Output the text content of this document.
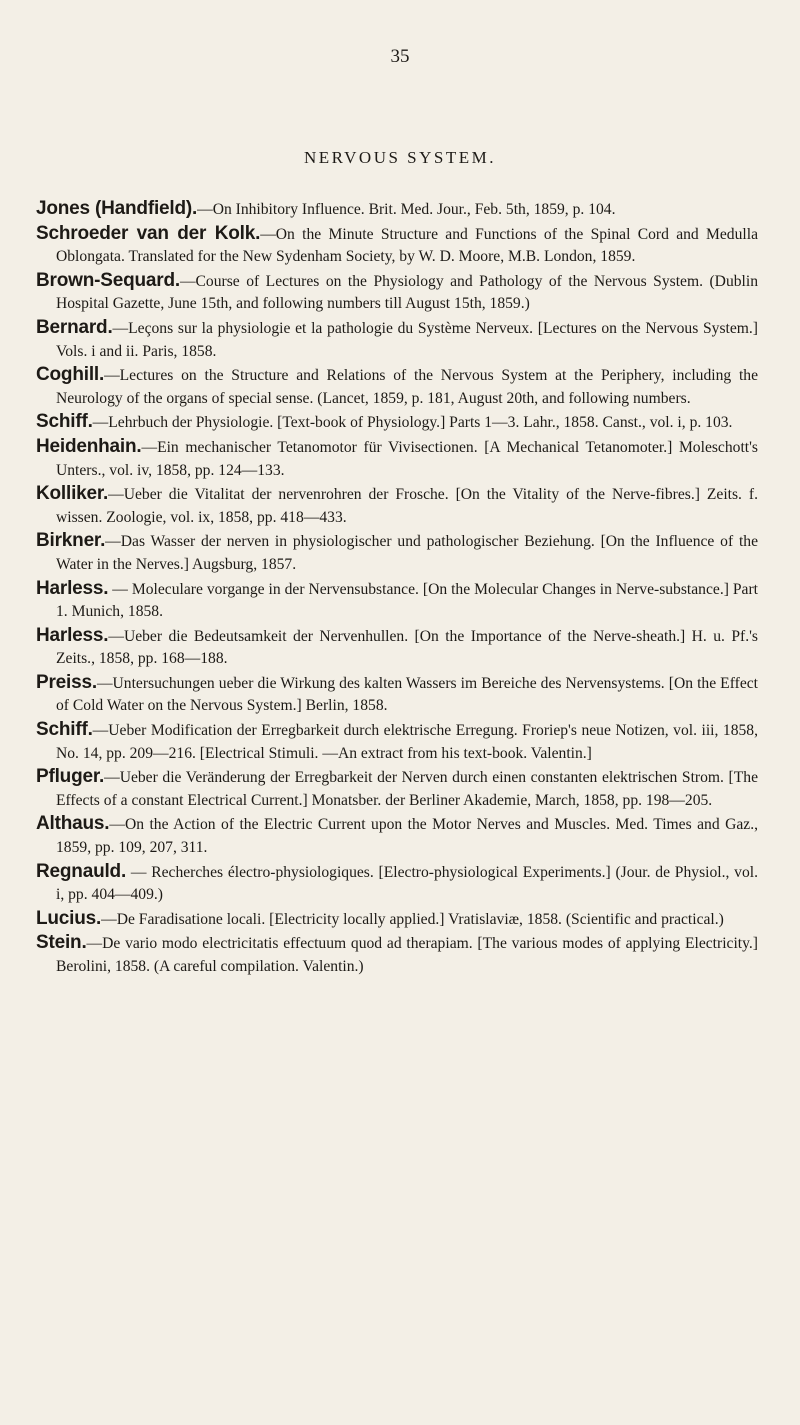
35
NERVOUS SYSTEM.

Jones (Handfield).—On Inhibitory Influence. Brit. Med. Jour., Feb. 5th, 1859, p. 104.

Schroeder van der Kolk.—On the Minute Structure and Functions of the Spinal Cord and Medulla Oblongata. Translated for the New Sydenham Society, by W. D. Moore, M.B. London, 1859.

Brown-Sequard.—Course of Lectures on the Physiology and Pathology of the Nervous System. (Dublin Hospital Gazette, June 15th, and following numbers till August 15th, 1859.)

Bernard.—Leçons sur la physiologie et la pathologie du Système Nerveux. [Lectures on the Nervous System.] Vols. i and ii. Paris, 1858.

Coghill.—Lectures on the Structure and Relations of the Nervous System at the Periphery, including the Neurology of the organs of special sense. (Lancet, 1859, p. 181, August 20th, and following numbers.

Schiff.—Lehrbuch der Physiologie. [Text-book of Physiology.] Parts 1—3. Lahr., 1858. Canst., vol. i, p. 103.

Heidenhain.—Ein mechanischer Tetanomotor für Vivisectionen. [A Mechanical Tetanomoter.] Moleschott's Unters., vol. iv, 1858, pp. 124—133.

Kolliker.—Ueber die Vitalitat der nervenrohren der Frosche. [On the Vitality of the Nerve-fibres.] Zeits. f. wissen. Zoologie, vol. ix, 1858, pp. 418—433.

Birkner.—Das Wasser der nerven in physiologischer und pathologischer Beziehung. [On the Influence of the Water in the Nerves.] Augsburg, 1857.

Harless. — Moleculare vorgange in der Nervensubstance. [On the Molecular Changes in Nerve-substance.] Part 1. Munich, 1858.

Harless.—Ueber die Bedeutsamkeit der Nervenhullen. [On the Importance of the Nerve-sheath.] H. u. Pf.'s Zeits., 1858, pp. 168—188.

Preiss.—Untersuchungen ueber die Wirkung des kalten Wassers im Bereiche des Nervensystems. [On the Effect of Cold Water on the Nervous System.] Berlin, 1858.

Schiff.—Ueber Modification der Erregbarkeit durch elektrische Erregung. Froriep's neue Notizen, vol. iii, 1858, No. 14, pp. 209—216. [Electrical Stimuli. —An extract from his text-book. Valentin.]

Pfluger.—Ueber die Veränderung der Erregbarkeit der Nerven durch einen constanten elektrischen Strom. [The Effects of a constant Electrical Current.] Monatsber. der Berliner Akademie, March, 1858, pp. 198—205.

Althaus.—On the Action of the Electric Current upon the Motor Nerves and Muscles. Med. Times and Gaz., 1859, pp. 109, 207, 311.

Regnauld. — Recherches électro-physiologiques. [Electro-physiological Experiments.] (Jour. de Physiol., vol. i, pp. 404—409.)

Lucius.—De Faradisatione locali. [Electricity locally applied.] Vratislaviæ, 1858. (Scientific and practical.)

Stein.—De vario modo electricitatis effectuum quod ad therapiam. [The various modes of applying Electricity.] Berolini, 1858. (A careful compilation. Valentin.)
